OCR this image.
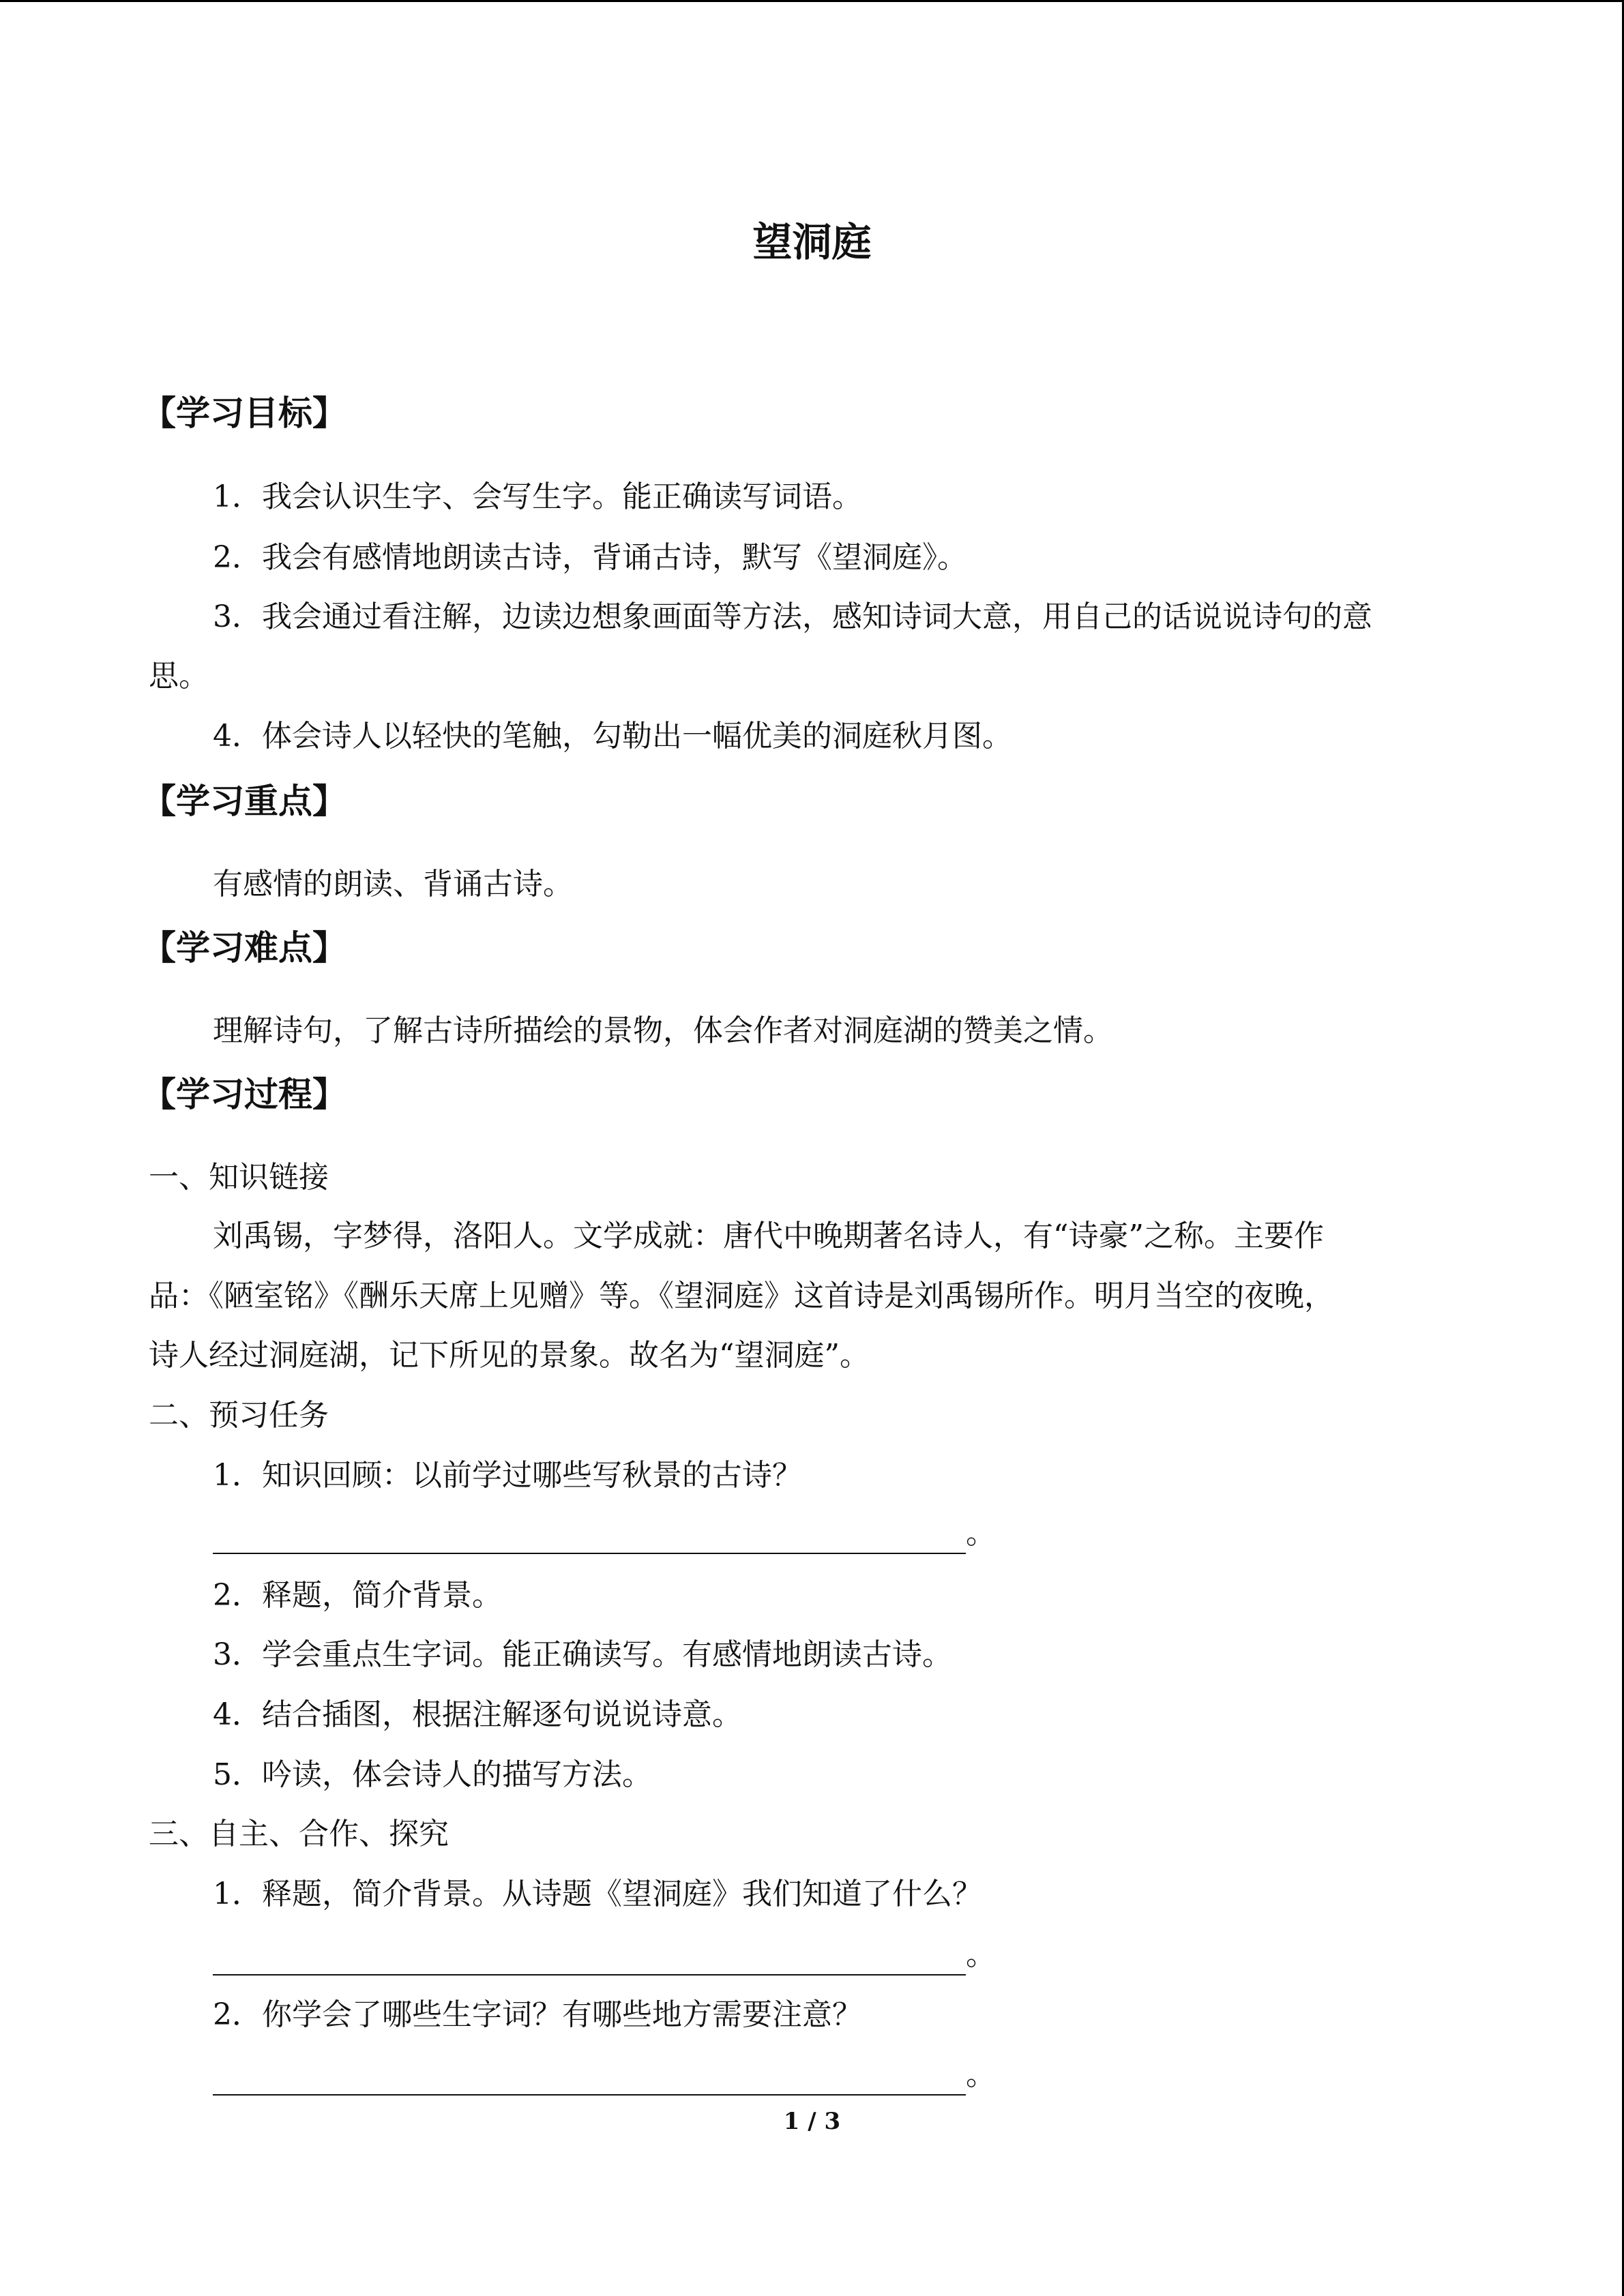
望洞庭
【学习目标】
1．我会认识生字、会写生字。能正确读写词语。
2．我会有感情地朗读古诗，背诵古诗，默写《望洞庭》。
3．我会通过看注解，边读边想象画面等方法，感知诗词大意，用自己的话说说诗句的意
思。
4．体会诗人以轻快的笔触，勾勒出一幅优美的洞庭秋月图。
【学习重点】
有感情的朗读、背诵古诗。
【学习难点】
理解诗句，了解古诗所描绘的景物，体会作者对洞庭湖的赞美之情。
【学习过程】
一、知识链接
刘禹锡，字梦得，洛阳人。文学成就：唐代中晚期著名诗人，有“诗豪”之称。主要作
品：《陋室铭》《酬乐天席上见赠》等。《望洞庭》这首诗是刘禹锡所作。明月当空的夜晚，
诗人经过洞庭湖，记下所见的景象。故名为“望洞庭”。
二、预习任务
1．知识回顾：以前学过哪些写秋景的古诗？
。
2．释题，简介背景。
3．学会重点生字词。能正确读写。有感情地朗读古诗。
4．结合插图，根据注解逐句说说诗意。
5．吟读，体会诗人的描写方法。
三、自主、合作、探究
1．释题，简介背景。从诗题《望洞庭》我们知道了什么？
。
2．你学会了哪些生字词？有哪些地方需要注意？
。
1 / 3
